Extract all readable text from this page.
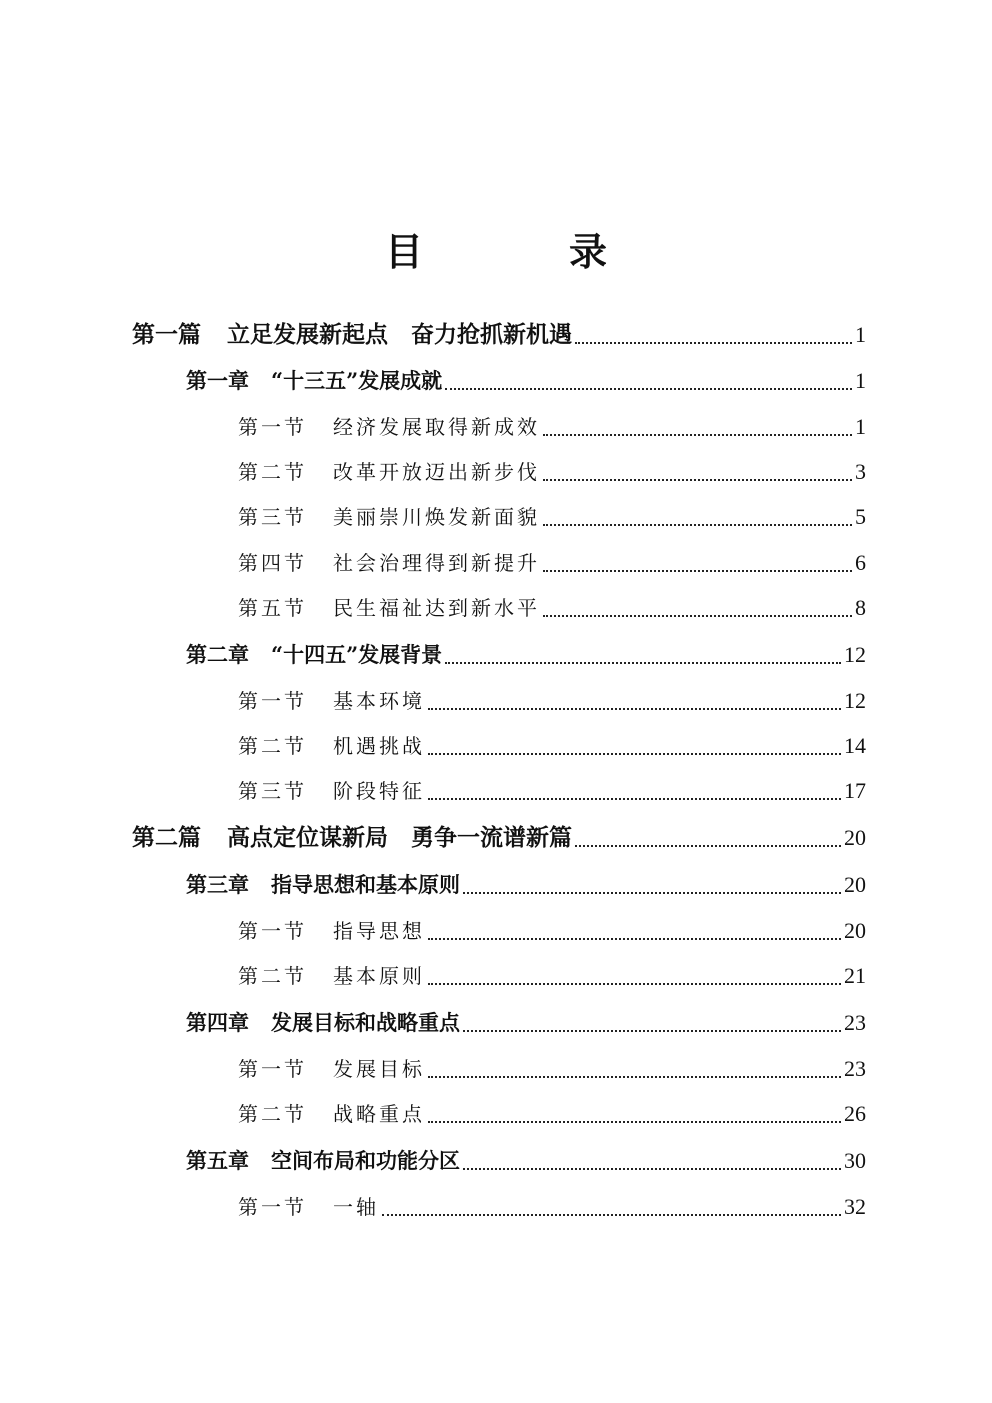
目　录
第一篇 立足发展新起点　奋力抢抓新机遇	1
第一章 “十三五”发展成就	1
第一节 经济发展取得新成效	1
第二节 改革开放迈出新步伐	3
第三节 美丽崇川焕发新面貌	5
第四节 社会治理得到新提升	6
第五节 民生福祉达到新水平	8
第二章 “十四五”发展背景	12
第一节 基本环境	12
第二节 机遇挑战	14
第三节 阶段特征	17
第二篇 高点定位谋新局　勇争一流谱新篇	20
第三章 指导思想和基本原则	20
第一节 指导思想	20
第二节 基本原则	21
第四章 发展目标和战略重点	23
第一节 发展目标	23
第二节 战略重点	26
第五章 空间布局和功能分区	30
第一节 一轴	32
